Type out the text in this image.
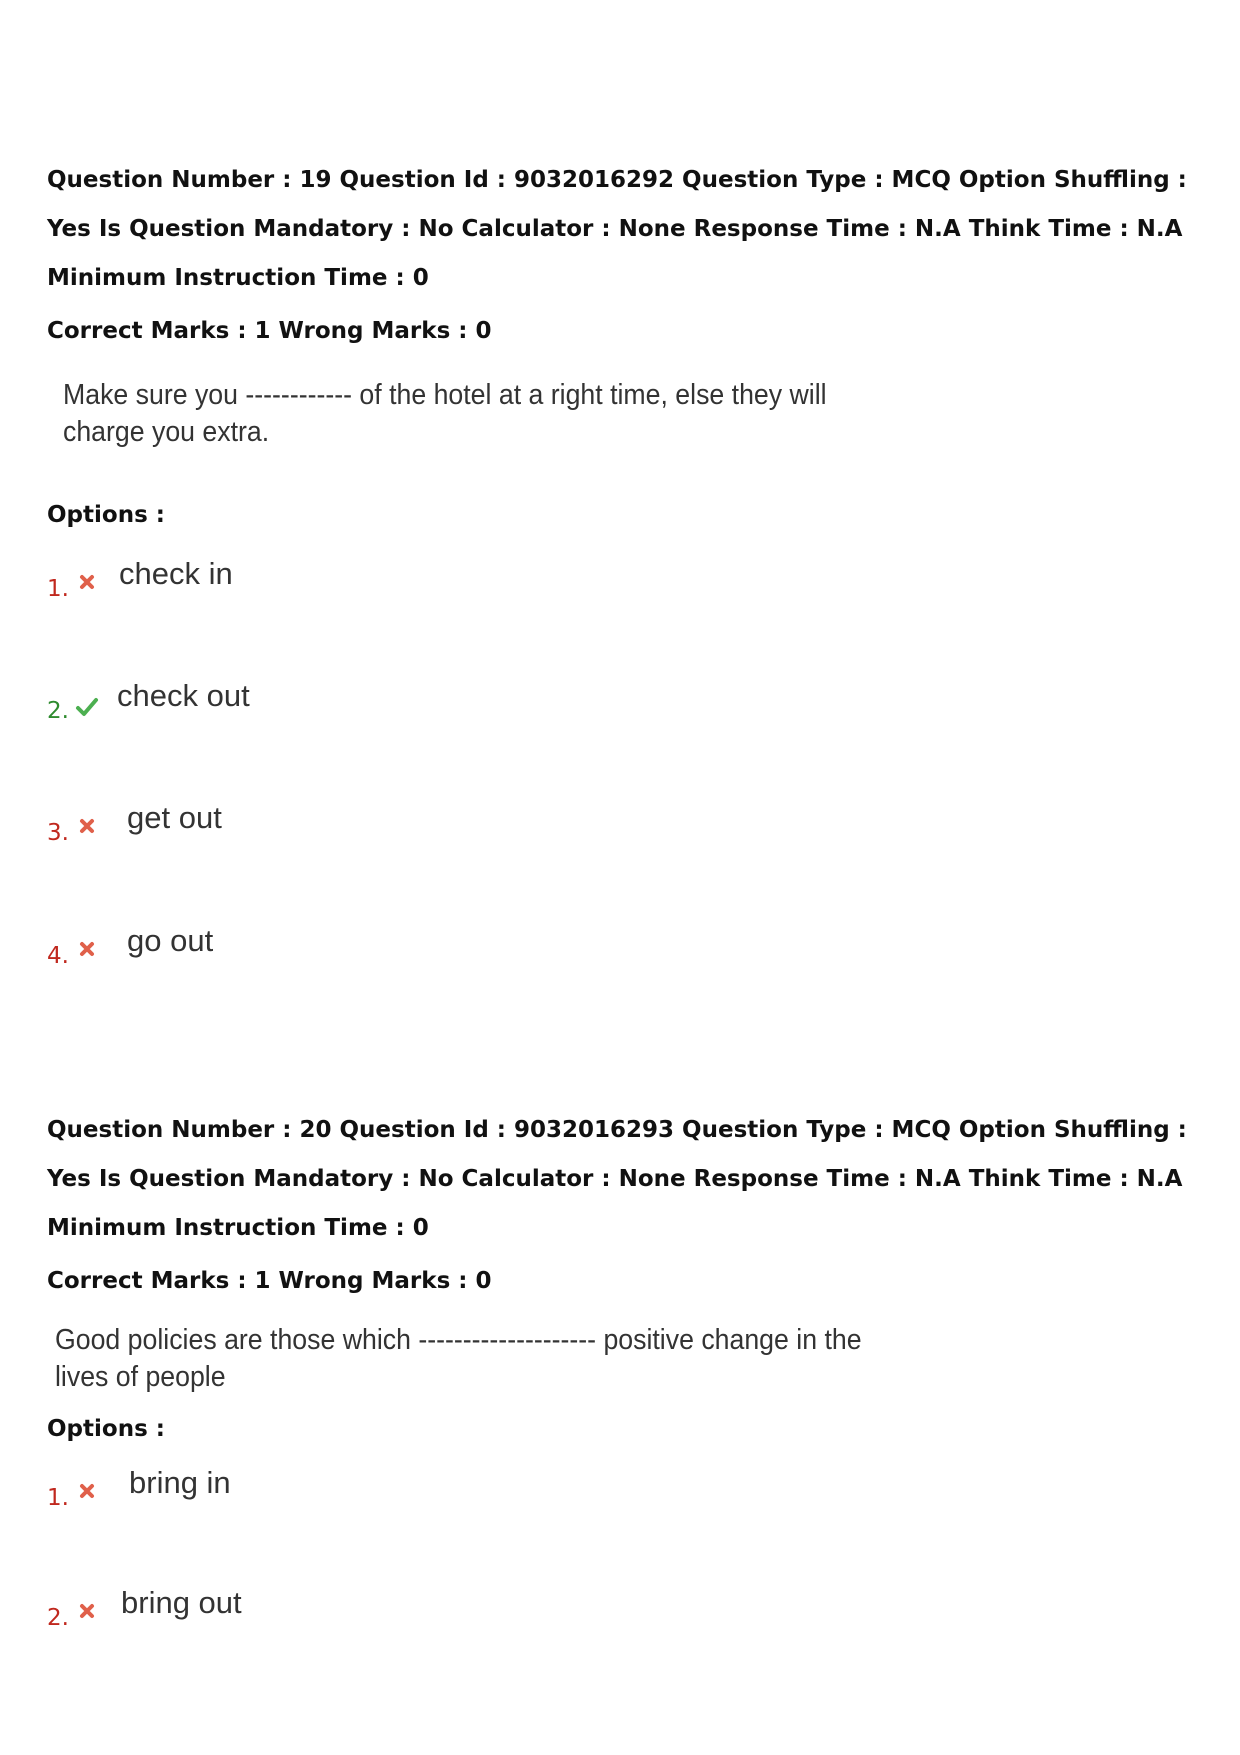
Question Number : 19 Question Id : 9032016292 Question Type : MCQ Option Shuffling : Yes Is Question Mandatory : No Calculator : None Response Time : N.A Think Time : N.A Minimum Instruction Time : 0

Correct Marks : 1 Wrong Marks : 0

Make sure you ------------ of the hotel at a right time, else they will charge you extra.

Options :

1. check in
2. check out
3. get out
4. go out

Question Number : 20 Question Id : 9032016293 Question Type : MCQ Option Shuffling : Yes Is Question Mandatory : No Calculator : None Response Time : N.A Think Time : N.A Minimum Instruction Time : 0

Correct Marks : 1 Wrong Marks : 0

Good policies are those which -------------------- positive change in the lives of people

Options :

1. bring in
2. bring out
